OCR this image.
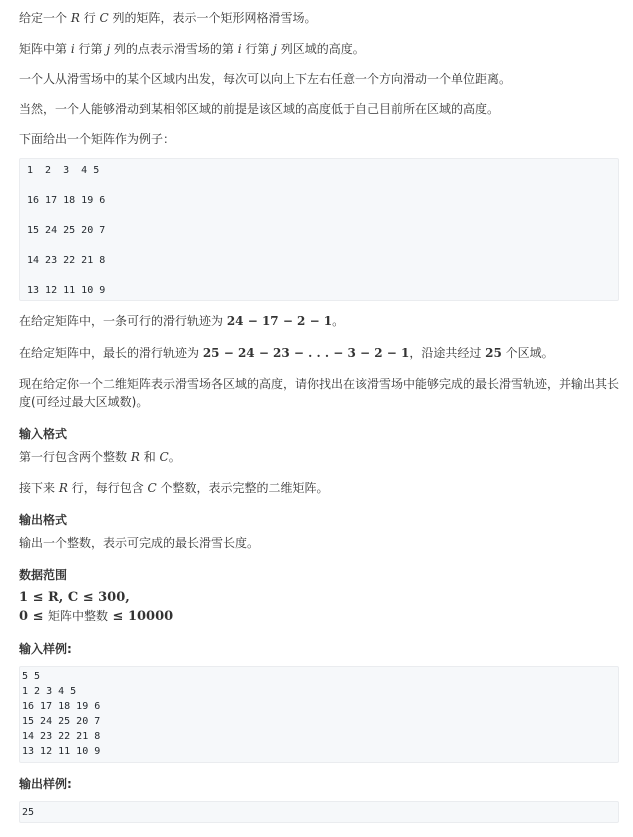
给定一个 R 行 C 列的矩阵，表示一个矩形网格滑雪场。
矩阵中第 i 行第 j 列的点表示滑雪场的第 i 行第 j 列区域的高度。
一个人从滑雪场中的某个区域内出发，每次可以向上下左右任意一个方向滑动一个单位距离。
当然，一个人能够滑动到某相邻区域的前提是该区域的高度低于自己目前所在区域的高度。
下面给出一个矩阵作为例子：
1  2  3  4 5
16 17 18 19 6
15 24 25 20 7
14 23 22 21 8
13 12 11 10 9
在给定矩阵中，一条可行的滑行轨迹为 24 − 17 − 2 − 1。
在给定矩阵中，最长的滑行轨迹为 25 − 24 − 23 − . . . − 3 − 2 − 1，沿途共经过 25 个区域。
现在给定你一个二维矩阵表示滑雪场各区域的高度，请你找出在该滑雪场中能够完成的最长滑雪轨迹，并输出其长度(可经过最大区域数)。
输入格式
第一行包含两个整数 R 和 C。
接下来 R 行，每行包含 C 个整数，表示完整的二维矩阵。
输出格式
输出一个整数，表示可完成的最长滑雪长度。
数据范围
1 ≤ R, C ≤ 300,
0 ≤ 矩阵中整数 ≤ 10000
输入样例:
5 5
1 2 3 4 5
16 17 18 19 6
15 24 25 20 7
14 23 22 21 8
13 12 11 10 9
输出样例:
25
